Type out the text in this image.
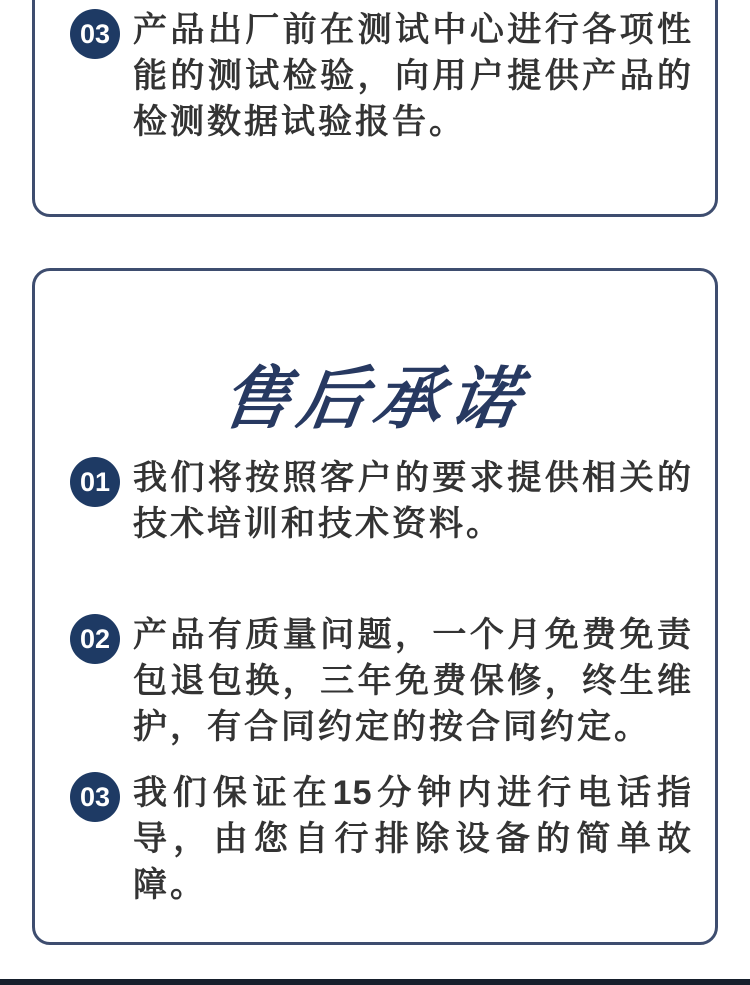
03 产品出厂前在测试中心进行各项性
能的测试检验，向用户提供产品的
检测数据试验报告。
售后承诺
01 我们将按照客户的要求提供相关的
技术培训和技术资料。
02 产品有质量问题，一个月免费免责
包退包换，三年免费保修，终生维
护，有合同约定的按合同约定。
03 我们保证在15分钟内进行电话指
导，由您自行排除设备的简单故
障。
